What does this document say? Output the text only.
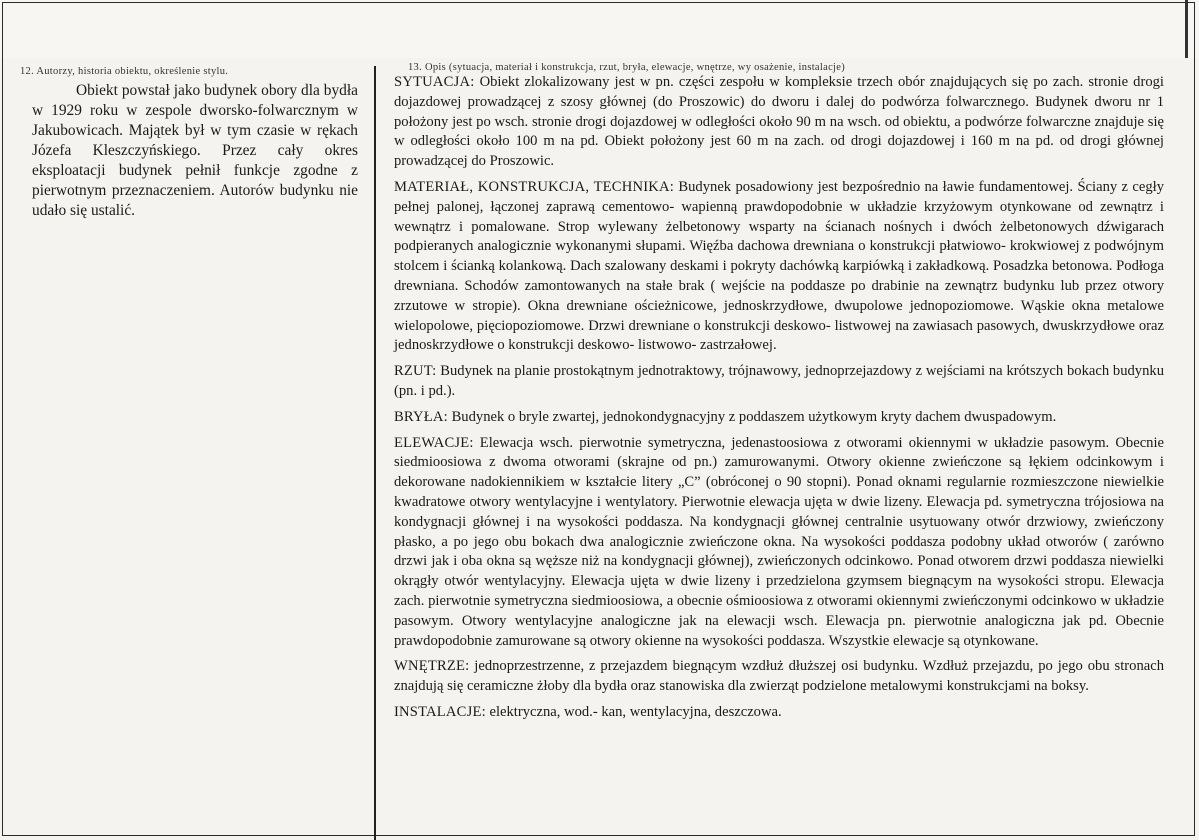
12. Autorzy, historia obiektu, określenie stylu.
Obiekt powstał jako budynek obory dla bydła w 1929 roku w zespole dworsko-folwarcznym w Jakubowicach. Majątek był w tym czasie w rękach Józefa Kleszczyńskiego. Przez cały okres eksploatacji budynek pełnił funkcje zgodne z pierwotnym przeznaczeniem. Autorów budynku nie udało się ustalić.
13. Opis (sytuacja, materiał i konstrukcja, rzut, bryła, elewacje, wnętrze, wy osażenie, instalacje)
SYTUACJA: Obiekt zlokalizowany jest w pn. części zespołu w kompleksie trzech obór znajdujących się po zach. stronie drogi dojazdowej prowadzącej z szosy głównej (do Proszowic) do dworu i dalej do podwórza folwarcznego. Budynek dworu nr 1 położony jest po wsch. stronie drogi dojazdowej w odległości około 90 m na wsch. od obiektu, a podwórze folwarczne znajduje się w odległości około 100 m na pd. Obiekt położony jest 60 m na zach. od drogi dojazdowej i 160 m na pd. od drogi głównej prowadzącej do Proszowic.
MATERIAŁ, KONSTRUKCJA, TECHNIKA: Budynek posadowiony jest bezpośrednio na ławie fundamentowej. Ściany z cegły pełnej palonej, łączonej zaprawą cementowo- wapienną prawdopodobnie w układzie krzyżowym otynkowane od zewnątrz i wewnątrz i pomalowane. Strop wylewany żelbetonowy wsparty na ścianach nośnych i dwóch żelbetonowych dźwigarach podpieranych analogicznie wykonanymi słupami. Więźba dachowa drewniana o konstrukcji płatwiowo- krokwiowej z podwójnym stolcem i ścianką kolankową. Dach szalowany deskami i pokryty dachówką karpiówką i zakładkową. Posadzka betonowa. Podłoga drewniana. Schodów zamontowanych na stałe brak ( wejście na poddasze po drabinie na zewnątrz budynku lub przez otwory zrzutowe w stropie). Okna drewniane ościeżnicowe, jednoskrzydłowe, dwupolowe jednopoziomowe. Wąskie okna metalowe wielopolowe, pięciopoziomowe. Drzwi drewniane o konstrukcji deskowo- listwowej na zawiasach pasowych, dwuskrzydłowe oraz jednoskrzydłowe o konstrukcji deskowo- listwowo- zastrzałowej.
RZUT: Budynek na planie prostokątnym jednotraktowy, trójnawowy, jednoprzejazdowy z wejściami na krótszych bokach budynku (pn. i pd.).
BRYŁA: Budynek o bryle zwartej, jednokondygnacyjny z poddaszem użytkowym kryty dachem dwuspadowym.
ELEWACJE: Elewacja wsch. pierwotnie symetryczna, jedenastoosiowa z otworami okiennymi w układzie pasowym. Obecnie siedmioosiowa z dwoma otworami (skrajne od pn.) zamurowanymi. Otwory okienne zwieńczone są łękiem odcinkowym i dekorowane nadokiennikiem w kształcie litery „C” (obróconej o 90 stopni). Ponad oknami regularnie rozmieszczone niewielkie kwadratowe otwory wentylacyjne i wentylatory. Pierwotnie elewacja ujęta w dwie lizeny. Elewacja pd. symetryczna trójosiowa na kondygnacji głównej i na wysokości poddasza. Na kondygnacji głównej centralnie usytuowany otwór drzwiowy, zwieńczony płasko, a po jego obu bokach dwa analogicznie zwieńczone okna. Na wysokości poddasza podobny układ otworów ( zarówno drzwi jak i oba okna są węższe niż na kondygnacji głównej), zwieńczonych odcinkowo. Ponad otworem drzwi poddasza niewielki okrągły otwór wentylacyjny. Elewacja ujęta w dwie lizeny i przedzielona gzymsem biegnącym na wysokości stropu. Elewacja zach. pierwotnie symetryczna siedmioosiowa, a obecnie ośmioosiowa z otworami okiennymi zwieńczonymi odcinkowo w układzie pasowym. Otwory wentylacyjne analogiczne jak na elewacji wsch. Elewacja pn. pierwotnie analogiczna jak pd. Obecnie prawdopodobnie zamurowane są otwory okienne na wysokości poddasza. Wszystkie elewacje są otynkowane.
WNĘTRZE: jednoprzestrzenne, z przejazdem biegnącym wzdłuż dłuższej osi budynku. Wzdłuż przejazdu, po jego obu stronach znajdują się ceramiczne żłoby dla bydła oraz stanowiska dla zwierząt podzielone metalowymi konstrukcjami na boksy.
INSTALACJE: elektryczna, wod.- kan, wentylacyjna, deszczowa.
